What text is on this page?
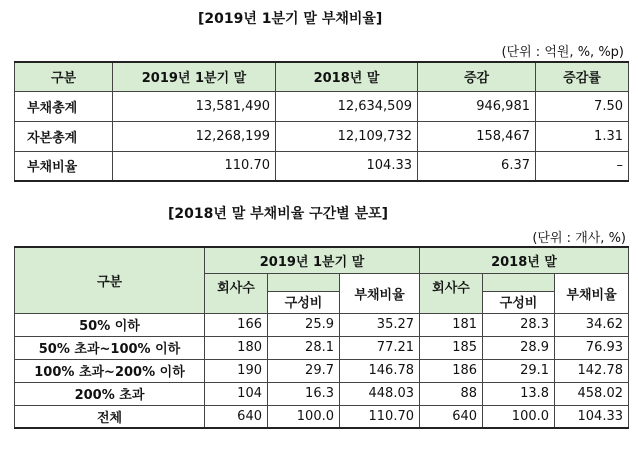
[2019년 1분기 말 부채비율]
(단위 : 억원, %, %p)
구분	2019년 1분기 말	2018년 말	증감	증감률
부채총계	13,581,490	12,634,509	946,981	7.50
자본총계	12,268,199	12,109,732	158,467	1.31
부채비율	110.70	104.33	6.37	–
[2018년 말 부채비율 구간별 분포]
(단위 : 개사, %)
구분	2019년 1분기 말			2018년 말		
	회사수		부채비율	회사수		부채비율
		구성비			구성비	
50% 이하	166	25.9	35.27	181	28.3	34.62
50% 초과~100% 이하	180	28.1	77.21	185	28.9	76.93
100% 초과~200% 이하	190	29.7	146.78	186	29.1	142.78
200% 초과	104	16.3	448.03	88	13.8	458.02
전체	640	100.0	110.70	640	100.0	104.33
